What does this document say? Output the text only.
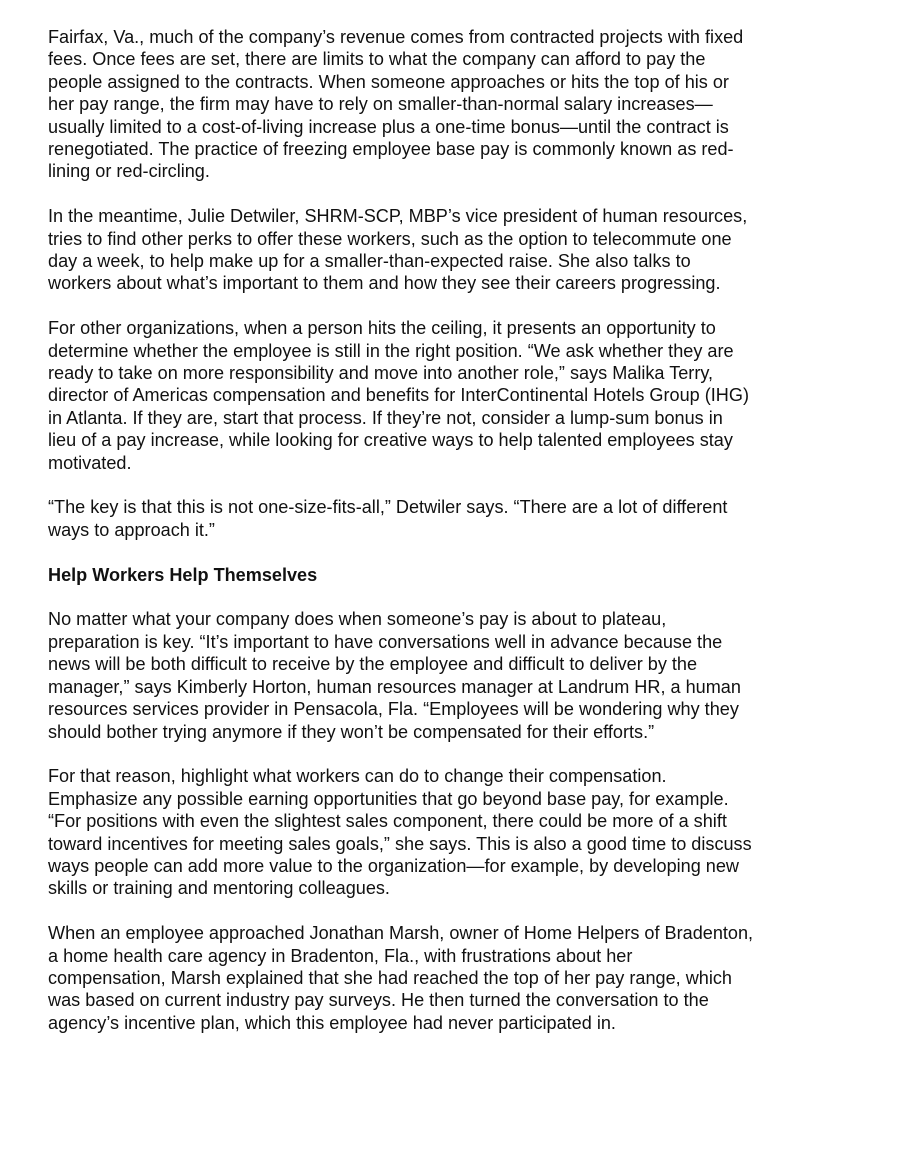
Fairfax, Va., much of the company’s revenue comes from contracted projects with fixed
fees. Once fees are set, there are limits to what the company can afford to pay the
people assigned to the contracts. When someone approaches or hits the top of his or
her pay range, the firm may have to rely on smaller-than-normal salary increases—
usually limited to a cost-of-living increase plus a one-time bonus—until the contract is
renegotiated. The practice of freezing employee base pay is commonly known as red-
lining or red-circling.

In the meantime, Julie Detwiler, SHRM-SCP, MBP’s vice president of human resources,
tries to find other perks to offer these workers, such as the option to telecommute one
day a week, to help make up for a smaller-than-expected raise. She also talks to
workers about what’s important to them and how they see their careers progressing.

For other organizations, when a person hits the ceiling, it presents an opportunity to
determine whether the employee is still in the right position. “We ask whether they are
ready to take on more responsibility and move into another role,” says Malika Terry,
director of Americas compensation and benefits for InterContinental Hotels Group (IHG)
in Atlanta. If they are, start that process. If they’re not, consider a lump-sum bonus in
lieu of a pay increase, while looking for creative ways to help talented employees stay
motivated.

“The key is that this is not one-size-fits-all,” Detwiler says. “There are a lot of different
ways to approach it.”

Help Workers Help Themselves

No matter what your company does when someone’s pay is about to plateau,
preparation is key. “It’s important to have conversations well in advance because the
news will be both difficult to receive by the employee and difficult to deliver by the
manager,” says Kimberly Horton, human resources manager at Landrum HR, a human
resources services provider in Pensacola, Fla. “Employees will be wondering why they
should bother trying anymore if they won’t be compensated for their efforts.”

For that reason, highlight what workers can do to change their compensation.
Emphasize any possible earning opportunities that go beyond base pay, for example.
“For positions with even the slightest sales component, there could be more of a shift
toward incentives for meeting sales goals,” she says. This is also a good time to discuss
ways people can add more value to the organization—for example, by developing new
skills or training and mentoring colleagues.

When an employee approached Jonathan Marsh, owner of Home Helpers of Bradenton,
a home health care agency in Bradenton, Fla., with frustrations about her
compensation, Marsh explained that she had reached the top of her pay range, which
was based on current industry pay surveys. He then turned the conversation to the
agency’s incentive plan, which this employee had never participated in.
